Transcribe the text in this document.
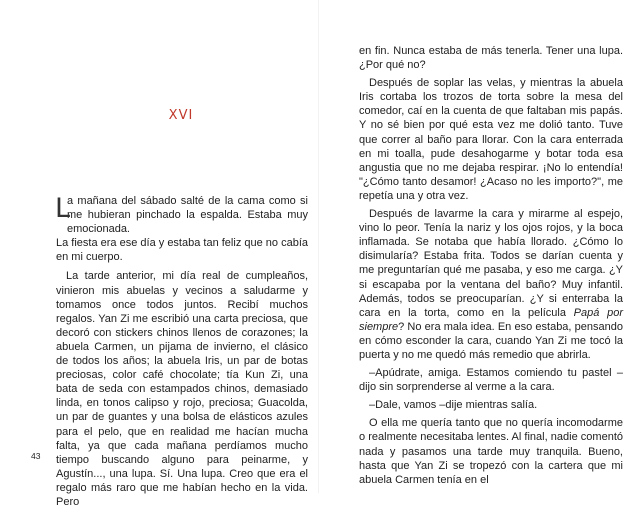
XVI

L
a mañana del sábado salté de la cama como si me hubieran pinchado la espalda. Estaba muy emocionada.

La fiesta era ese día y estaba tan feliz que no cabía en mi cuerpo.

La tarde anterior, mi día real de cumpleaños, vinieron mis abuelas y vecinos a saludarme y tomamos once todos juntos. Recibí muchos regalos. Yan Zi me escribió una carta preciosa, que decoró con stickers chinos llenos de corazones; la abuela Carmen, un pijama de invierno, el clásico de todos los años; la abuela Iris, un par de botas preciosas, color café chocolate; tía Kun Zi, una bata de seda con estampados chinos, demasiado linda, en tonos calipso y rojo, preciosa; Guacolda, un par de guantes y una bolsa de elásticos azules para el pelo, que en realidad me hacían mucha falta, ya que cada mañana perdíamos mucho tiempo buscando alguno para peinarme, y Agustín..., una lupa. Sí. Una lupa. Creo que era el regalo más raro que me habían hecho en la vida. Pero

43

en fin. Nunca estaba de más tenerla. Tener una lupa. ¿Por qué no?

Después de soplar las velas, y mientras la abuela Iris cortaba los trozos de torta sobre la mesa del comedor, caí en la cuenta de que faltaban mis papás. Y no sé bien por qué esta vez me dolió tanto. Tuve que correr al baño para llorar. Con la cara enterrada en mi toalla, pude desahogarme y botar toda esa angustia que no me dejaba respirar. ¡No lo entendía! "¿Cómo tanto desamor! ¿Acaso no les importo?", me repetía una y otra vez.

Después de lavarme la cara y mirarme al espejo, vino lo peor. Tenía la nariz y los ojos rojos, y la boca inflamada. Se notaba que había llorado. ¿Cómo lo disimularía? Estaba frita. Todos se darían cuenta y me preguntarían qué me pasaba, y eso me carga. ¿Y si escapaba por la ventana del baño? Muy infantil. Además, todos se preocuparían. ¿Y si enterraba la cara en la torta, como en la película Papá por siempre? No era mala idea. En eso estaba, pensando en cómo esconder la cara, cuando Yan Zi me tocó la puerta y no me quedó más remedio que abrirla.

–Apúdrate, amiga. Estamos comiendo tu pastel –dijo sin sorprenderse al verme a la cara.

–Dale, vamos –dije mientras salía.

O ella me quería tanto que no quería incomodarme o realmente necesitaba lentes. Al final, nadie comentó nada y pasamos una tarde muy tranquila. Bueno, hasta que Yan Zi se tropezó con la cartera que mi abuela Carmen tenía en el
